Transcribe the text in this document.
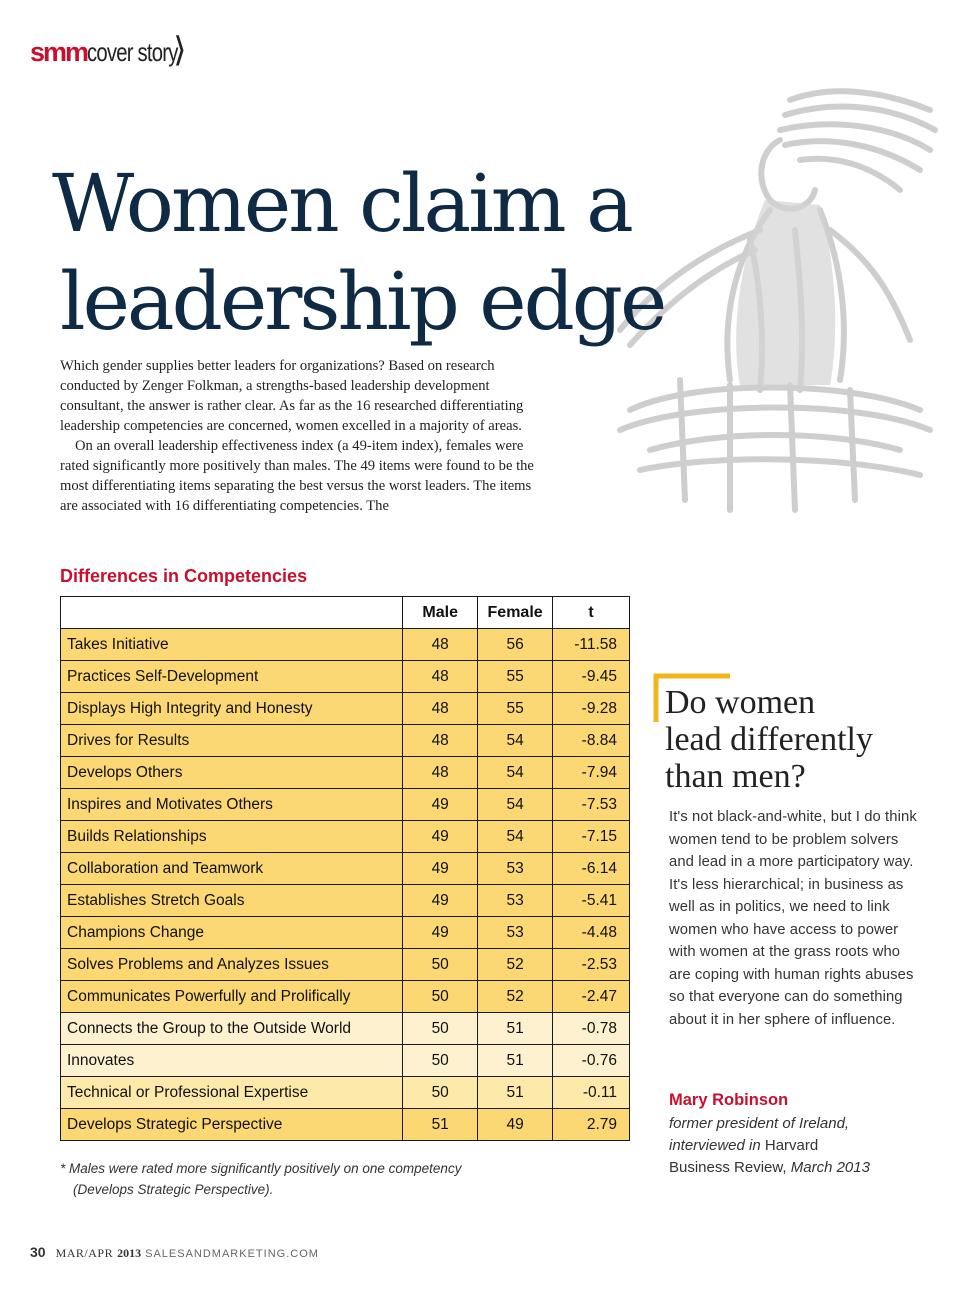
smm cover story
⟩
Women claim a
leadership edge

Which gender supplies better leaders for organizations? Based on research conducted by Zenger Folkman, a strengths-based leadership development consultant, the answer is rather clear. As far as the 16 researched differentiating leadership competencies are concerned, women excelled in a majority of areas.

On an overall leadership effectiveness index (a 49-item index), females were rated significantly more positively than males. The 49 items were found to be the most differentiating items separating the best versus the worst leaders. The items are associated with 16 differentiating competencies. The

Differences in Competencies
	Male	Female	t
Takes Initiative	48	56	-11.58
Practices Self-Development	48	55	-9.45
Displays High Integrity and Honesty	48	55	-9.28
Drives for Results	48	54	-8.84
Develops Others	48	54	-7.94
Inspires and Motivates Others	49	54	-7.53
Builds Relationships	49	54	-7.15
Collaboration and Teamwork	49	53	-6.14
Establishes Stretch Goals	49	53	-5.41
Champions Change	49	53	-4.48
Solves Problems and Analyzes Issues	50	52	-2.53
Communicates Powerfully and Prolifically	50	52	-2.47
Connects the Group to the Outside World	50	51	-0.78
Innovates	50	51	-0.76
Technical or Professional Expertise	50	51	-0.11
Develops Strategic Perspective	51	49	2.79
* Males were rated more significantly positively on one competency
(Develops Strategic Perspective).
Do women
lead differently
than men?
It's not black-and-white, but I do think women tend to be problem solvers and lead in a more participatory way. It's less hierarchical; in business as well as in politics, we need to link women who have access to power with women at the grass roots who are coping with human rights abuses so that everyone can do something about it in her sphere of influence.
Mary Robinson
former president of Ireland,
interviewed in Harvard
Business Review, March 2013
30 MAR/APR 2013 SALESANDMARKETING.COM
